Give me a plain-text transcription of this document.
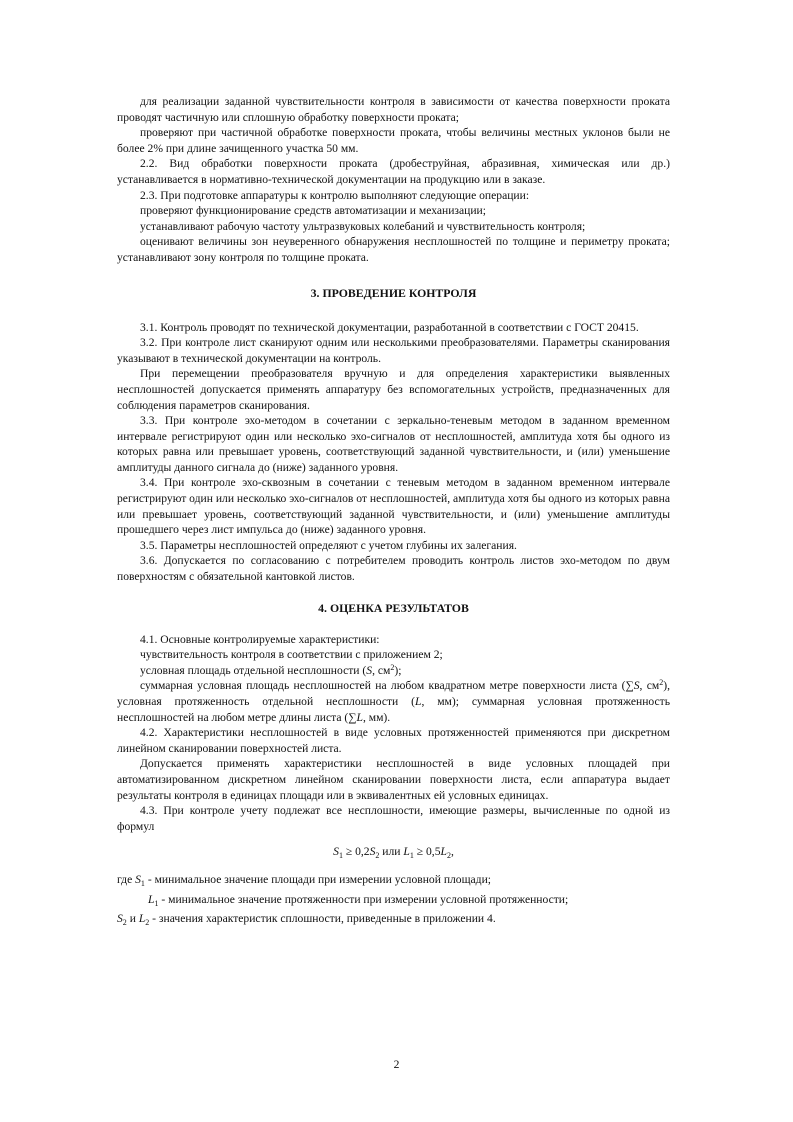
для реализации заданной чувствительности контроля в зависимости от качества поверхности проката проводят частичную или сплошную обработку поверхности проката;

проверяют при частичной обработке поверхности проката, чтобы величины местных уклонов были не более 2% при длине зачищенного участка 50 мм.

2.2. Вид обработки поверхности проката (дробеструйная, абразивная, химическая или др.) устанавливается в нормативно-технической документации на продукцию или в заказе.

2.3. При подготовке аппаратуры к контролю выполняют следующие операции:

проверяют функционирование средств автоматизации и механизации;

устанавливают рабочую частоту ультразвуковых колебаний и чувствительность контроля;

оценивают величины зон неуверенного обнаружения несплошностей по толщине и периметру проката; устанавливают зону контроля по толщине проката.

3. ПРОВЕДЕНИЕ КОНТРОЛЯ

3.1. Контроль проводят по технической документации, разработанной в соответствии с ГОСТ 20415.

3.2. При контроле лист сканируют одним или несколькими преобразователями. Параметры сканирования указывают в технической документации на контроль.

При перемещении преобразователя вручную и для определения характеристики выявленных несплошностей допускается применять аппаратуру без вспомогательных устройств, предназначенных для соблюдения параметров сканирования.

3.3. При контроле эхо-методом в сочетании с зеркально-теневым методом в заданном временном интервале регистрируют один или несколько эхо-сигналов от несплошностей, амплитуда хотя бы одного из которых равна или превышает уровень, соответствующий заданной чувствительности, и (или) уменьшение амплитуды данного сигнала до (ниже) заданного уровня.

3.4. При контроле эхо-сквозным в сочетании с теневым методом в заданном временном интервале регистрируют один или несколько эхо-сигналов от несплошностей, амплитуда хотя бы одного из которых равна или превышает уровень, соответствующий заданной чувствительности, и (или) уменьшение амплитуды прошедшего через лист импульса до (ниже) заданного уровня.

3.5. Параметры несплошностей определяют с учетом глубины их залегания.

3.6. Допускается по согласованию с потребителем проводить контроль листов эхо-методом по двум поверхностям с обязательной кантовкой листов.

4. ОЦЕНКА РЕЗУЛЬТАТОВ

4.1. Основные контролируемые характеристики:

чувствительность контроля в соответствии с приложением 2;

условная площадь отдельной несплошности (S, $см^2$);

суммарная условная площадь несплошностей на любом квадратном метре поверхности листа (∑S, $см^2$), условная протяженность отдельной несплошности (L, мм); суммарная условная протяженность несплошностей на любом метре длины листа (∑L, мм).

4.2. Характеристики несплошностей в виде условных протяженностей применяются при дискретном линейном сканировании поверхностей листа.

Допускается применять характеристики несплошностей в виде условных площадей при автоматизированном дискретном линейном сканировании поверхности листа, если аппаратура выдает результаты контроля в единицах площади или в эквивалентных ей условных единицах.

4.3. При контроле учету подлежат все несплошности, имеющие размеры, вычисленные по одной из формул

$S_1 \ge 0,2S_2$ или $L_1 \ge 0,5L_2$,

где $S_1$ - минимальное значение площади при измерении условной площади;

$L_1$ - минимальное значение протяженности при измерении условной протяженности;

$S_2$ и $L_2$ - значения характеристик сплошности, приведенные в приложении 4.

2
